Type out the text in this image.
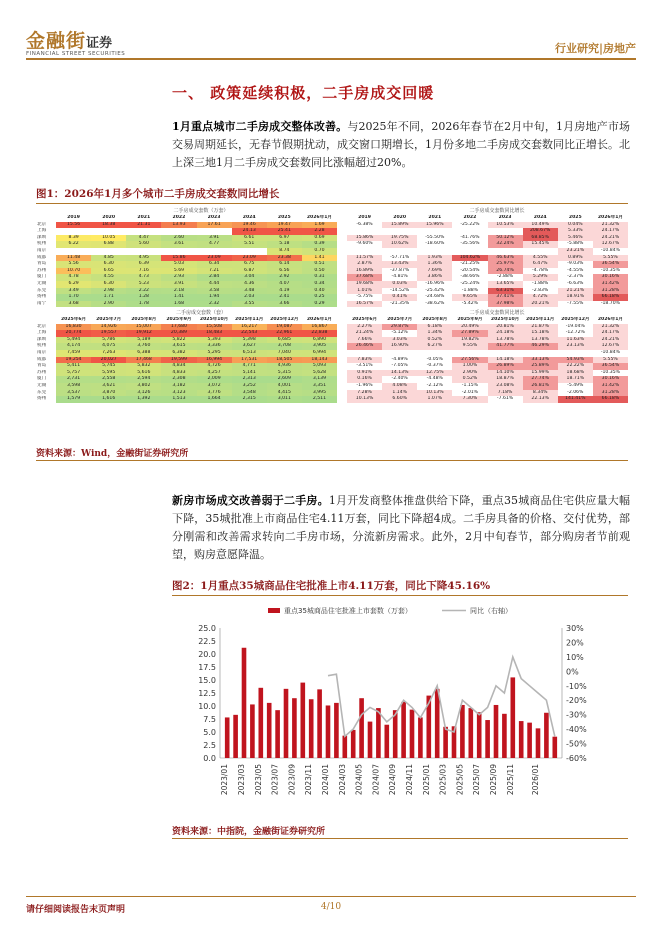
金融街证券
FINANCIAL STREET SECURITIES	行业研究|房地产
一、 政策延续积极，二手房成交回暖
1月重点城市二手房成交整体改善。与2025年不同，2026年春节在2月中旬，1月房地产市场交易周期延长，无春节假期扰动，成交窗口期增长，1月份多地二手房成交套数同比正增长。北上深三地1月二手房成交套数同比涨幅超过20%。
图1：2026年1月多个城市二手房成交套数同比增长
二手房成交套数（万套）	二手房成交套数同比增长
	2019	2020	2021	2022	2023	2024	2025	2026年1月		2019	2020	2021	2022	2023	2024	2025	2026年1月
北京	15.56	18.38	21.31	13.93	17.61	19.46	19.47	1.69		-6.38%	15.89%	15.96%	-25.22%	10.53%	10.49%	0.04%	21.32%
上海						24.13	25.41	2.28							208.67%	5.33%	24.17%
深圳	8.39	10.05	4.47	2.60	3.91	6.61	6.97	0.69		15.86%	19.75%	-55.50%	-41.76%	50.12%	68.85%	5.46%	24.21%
杭州	6.22	6.88	5.60	3.61	4.77	5.51	5.18	0.39		-9.60%	10.62%	-18.60%	-35.56%	32.24%	15.45%	-5.88%	12.67%
南京							8.74	0.70								23.21%	-10.84%
成都	11.48	4.85	4.95	15.86	23.09	23.09	23.38	1.41		11.57%	-57.71%	1.93%	104.62%	46.63%	4.55%	0.89%	5.55%
青岛	5.56	6.30	6.39	5.03	6.34	6.75	6.14	0.51		2.87%	13.43%	1.36%	-21.25%	25.97%	6.47%	-9.03%	36.54%
苏州	10.70	6.65	7.16	5.69	7.21	6.87	6.56	0.50		16.89%	-37.87%	7.69%	-20.54%	26.74%	-4.78%	-4.55%	-10.35%
厦门	4.78	4.55	4.73	2.93	2.84	3.04	2.92	0.31		37.68%	-4.81%	3.86%	-38.66%	-2.88%	5.29%	-2.37%	30.16%
无锡	6.29	6.30	5.23	3.91	4.44	4.36	4.07	0.34		19.68%	0.03%	-16.96%	-25.24%	13.65%	-1.88%	-6.63%	31.42%
东莞	3.49	2.98	2.22	2.18	3.58	3.48	4.19	0.40		1.01%	-14.52%	-25.42%	-1.88%	63.31%	-2.83%	21.21%	31.28%
扬州	1.70	1.71	1.28	1.41	1.94	2.03	2.41	0.25		-5.75%	0.41%	-24.68%	9.65%	37.41%	4.72%	18.91%	66.18%
南宁	3.68	2.90	1.78	1.68	2.32	3.55	3.66	0.29		16.57%	-21.35%	-38.62%	-5.42%	37.98%	20.21%	-7.55%	-18.70%
二手房成交套数（套）	二手房成交套数同比增长
	2025年6月	2025年7月	2025年8月	2025年9月	2025年10月	2025年11月	2025年12月	2026年1月		2025年6月	2025年7月	2025年8月	2025年9月	2025年10月	2025年11月	2025年12月	2026年1月
北京	16,830	14,926	15,007	17,680	15,508	16,217	19,087	16,867		2.27%	29.87%	6.18%	20.49%	20.81%	21.87%	-19.04%	21.32%
上海	20,774	19,557	19,912	20,389	18,483	22,543	22,961	22,838		21.24%	-5.12%	1.34%	27.89%	24.18%	15.18%	-12.72%	24.17%
深圳	5,494	5,786	5,189	5,822	5,393	5,398	6,685	6,890		7.66%	3.03%	0.52%	19.82%	13.78%	13.78%	11.63%	24.21%
杭州	4,174	4,075	3,760	3,615	3,336	3,627	3,708	3,905		26.46%	16.90%	6.27%	9.55%	41.77%	46.29%	23.13%	12.67%
南京	7,459	7,263	6,388	6,382	5,295	6,513	7,040	6,994									-10.84%
成都	19,254	20,027	17,468	19,599	16,994	17,531	18,505	18,143		7.83%	-4.89%	-0.05%	27.56%	14.18%	33.13%	54.93%	5.55%
青岛	5,411	5,745	5,832	4,834	4,726	4,771	4,936	5,093		-3.51%	-7.05%	-0.37%	1.00%	26.89%	25.89%	22.22%	36.54%
苏州	5,757	5,595	5,616	4,833	4,257	5,141	5,315	5,628		0.91%	14.13%	12.75%	2.90%	14.10%	15.99%	18.68%	-10.35%
厦门	2,731	2,558	2,594	2,308	2,009	2,313	2,609	3,139		0.16%	-2.40%	-4.48%	0.52%	18.87%	27.74%	18.71%	30.16%
无锡	3,598	3,621	3,802	3,182	3,072	3,252	4,001	3,351		-1.96%	4.08%	-2.12%	-1.15%	23.08%	26.81%	-5.49%	31.42%
东莞	3,537	3,870	3,126	3,123	3,776	3,548	4,415	3,995		7.28%	1.14%	10.13%	-2.01%	7.18%	8.34%	-2.06%	31.28%
扬州	1,579	1,616	1,392	1,513	1,664	2,315	3,011	2,511		10.13%	6.60%	1.07%	7.30%	-7.61%	22.13%	141.41%	66.18%
资料来源：Wind，金融街证券研究所
新房市场成交改善弱于二手房。1月开发商整体推盘供给下降，重点35城商品住宅供应量大幅下降，35城批准上市商品住宅4.11万套，同比下降超4成。二手房具备的价格、交付优势，部分刚需和改善需求转向二手房市场，分流新房需求。此外，2月中旬春节，部分购房者节前观望，购房意愿降温。
图2：1月重点35城商品住宅批准上市4.11万套，同比下降45.16%
0.0
2.5
5.0
7.5
10.0
12.5
15.0
17.5
20.0
22.5
25.0
-60%
-50%
-40%
-30%
-20%
-10%
0%
10%
20%
30%
重点35城商品住宅批准上市套数（万套）	同比（右轴）
2023/01 2023/03 2023/05 2023/07 2023/09 2023/11 2024/01 2024/03 2024/05 2024/07 2024/09 2024/11 2025/01 2025/03 2025/05 2025/07 2025/09 2025/11 2026/01
资料来源：中指院，金融街证券研究所
请仔细阅读报告末页声明	4/10
